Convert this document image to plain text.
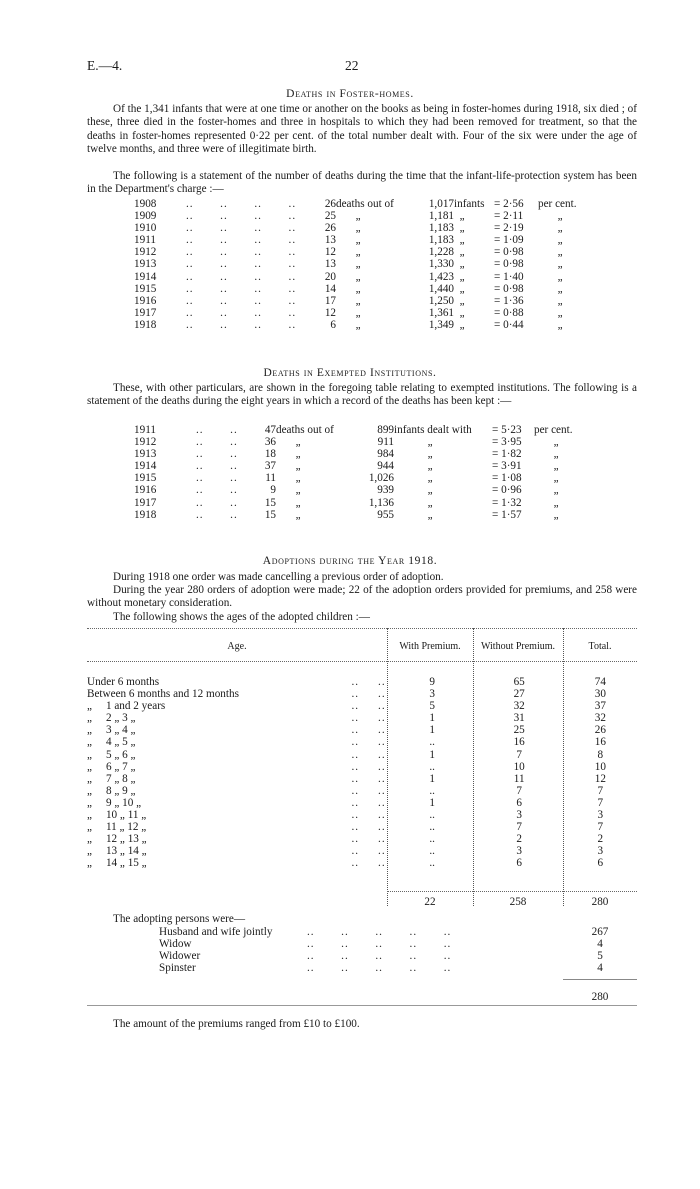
E.—4.	22
Deaths in Foster-homes.
Of the 1,341 infants that were at one time or another on the books as being in foster-homes during 1918, six died ; of these, three died in the foster-homes and three in hospitals to which they had been removed for treatment, so that the deaths in foster-homes represented 0·22 per cent. of the total number dealt with. Four of the six were under the age of twelve months, and three were of illegitimate birth.
The following is a statement of the number of deaths during the time that the infant-life-protection system has been in the Department's charge :—
1908	..       ..       ..       ..	26	deaths out of	1,017	infants	= 2·56	per cent.
1909	..       ..       ..       ..	25	„	1,181	„	= 2·11	„
1910	..       ..       ..       ..	26	„	1,183	„	= 2·19	„
1911	..       ..       ..       ..	13	„	1,183	„	= 1·09	„
1912	..       ..       ..       ..	12	„	1,228	„	= 0·98	„
1913	..       ..       ..       ..	13	„	1,330	„	= 0·98	„
1914	..       ..       ..       ..	20	„	1,423	„	= 1·40	„
1915	..       ..       ..       ..	14	„	1,440	„	= 0·98	„
1916	..       ..       ..       ..	17	„	1,250	„	= 1·36	„
1917	..       ..       ..       ..	12	„	1,361	„	= 0·88	„
1918	..       ..       ..       ..	6	„	1,349	„	= 0·44	„
Deaths in Exempted Institutions.
These, with other particulars, are shown in the foregoing table relating to exempted institutions. The following is a statement of the deaths during the eight years in which a record of the deaths has been kept :—
1911	..       ..	47	deaths out of	899	infants dealt with	= 5·23	per cent.
1912	..       ..	36	„	911	„	= 3·95	„
1913	..       ..	18	„	984	„	= 1·82	„
1914	..       ..	37	„	944	„	= 3·91	„
1915	..       ..	11	„	1,026	„	= 1·08	„
1916	..       ..	9	„	939	„	= 0·96	„
1917	..       ..	15	„	1,136	„	= 1·32	„
1918	..       ..	15	„	955	„	= 1·57	„
Adoptions during the Year 1918.
During 1918 one order was made cancelling a previous order of adoption.
During the year 280 orders of adoption were made; 22 of the adoption orders provided for premiums, and 258 were without monetary consideration.
The following shows the ages of the adopted children :—
Age.	With Premium.	Without Premium.	Total.
Under 6 months	..     ..	9	65	74
Between 6 months and 12 months	..     ..	3	27	30
„     1 and 2 years	..     ..	5	32	37
„     2 „ 3 „	..     ..	1	31	32
„     3 „ 4 „	..     ..	1	25	26
„     4 „ 5 „	..     ..	..	16	16
„     5 „ 6 „	..     ..	1	7	8
„     6 „ 7 „	..     ..	..	10	10
„     7 „ 8 „	..     ..	1	11	12
„     8 „ 9 „	..     ..	..	7	7
„     9 „ 10 „	..     ..	1	6	7
„     10 „ 11 „	..     ..	..	3	3
„     11 „ 12 „	..     ..	..	7	7
„     12 „ 13 „	..     ..	..	2	2
„     13 „ 14 „	..     ..	..	3	3
„     14 „ 15 „	..     ..	..	6	6
22	258	280
The adopting persons were—
Husband and wife jointly	..       ..       ..       ..       ..	267
Widow	..       ..       ..       ..       ..	4
Widower	..       ..       ..       ..       ..	5
Spinster	..       ..       ..       ..       ..	4
280
The amount of the premiums ranged from £10 to £100.
